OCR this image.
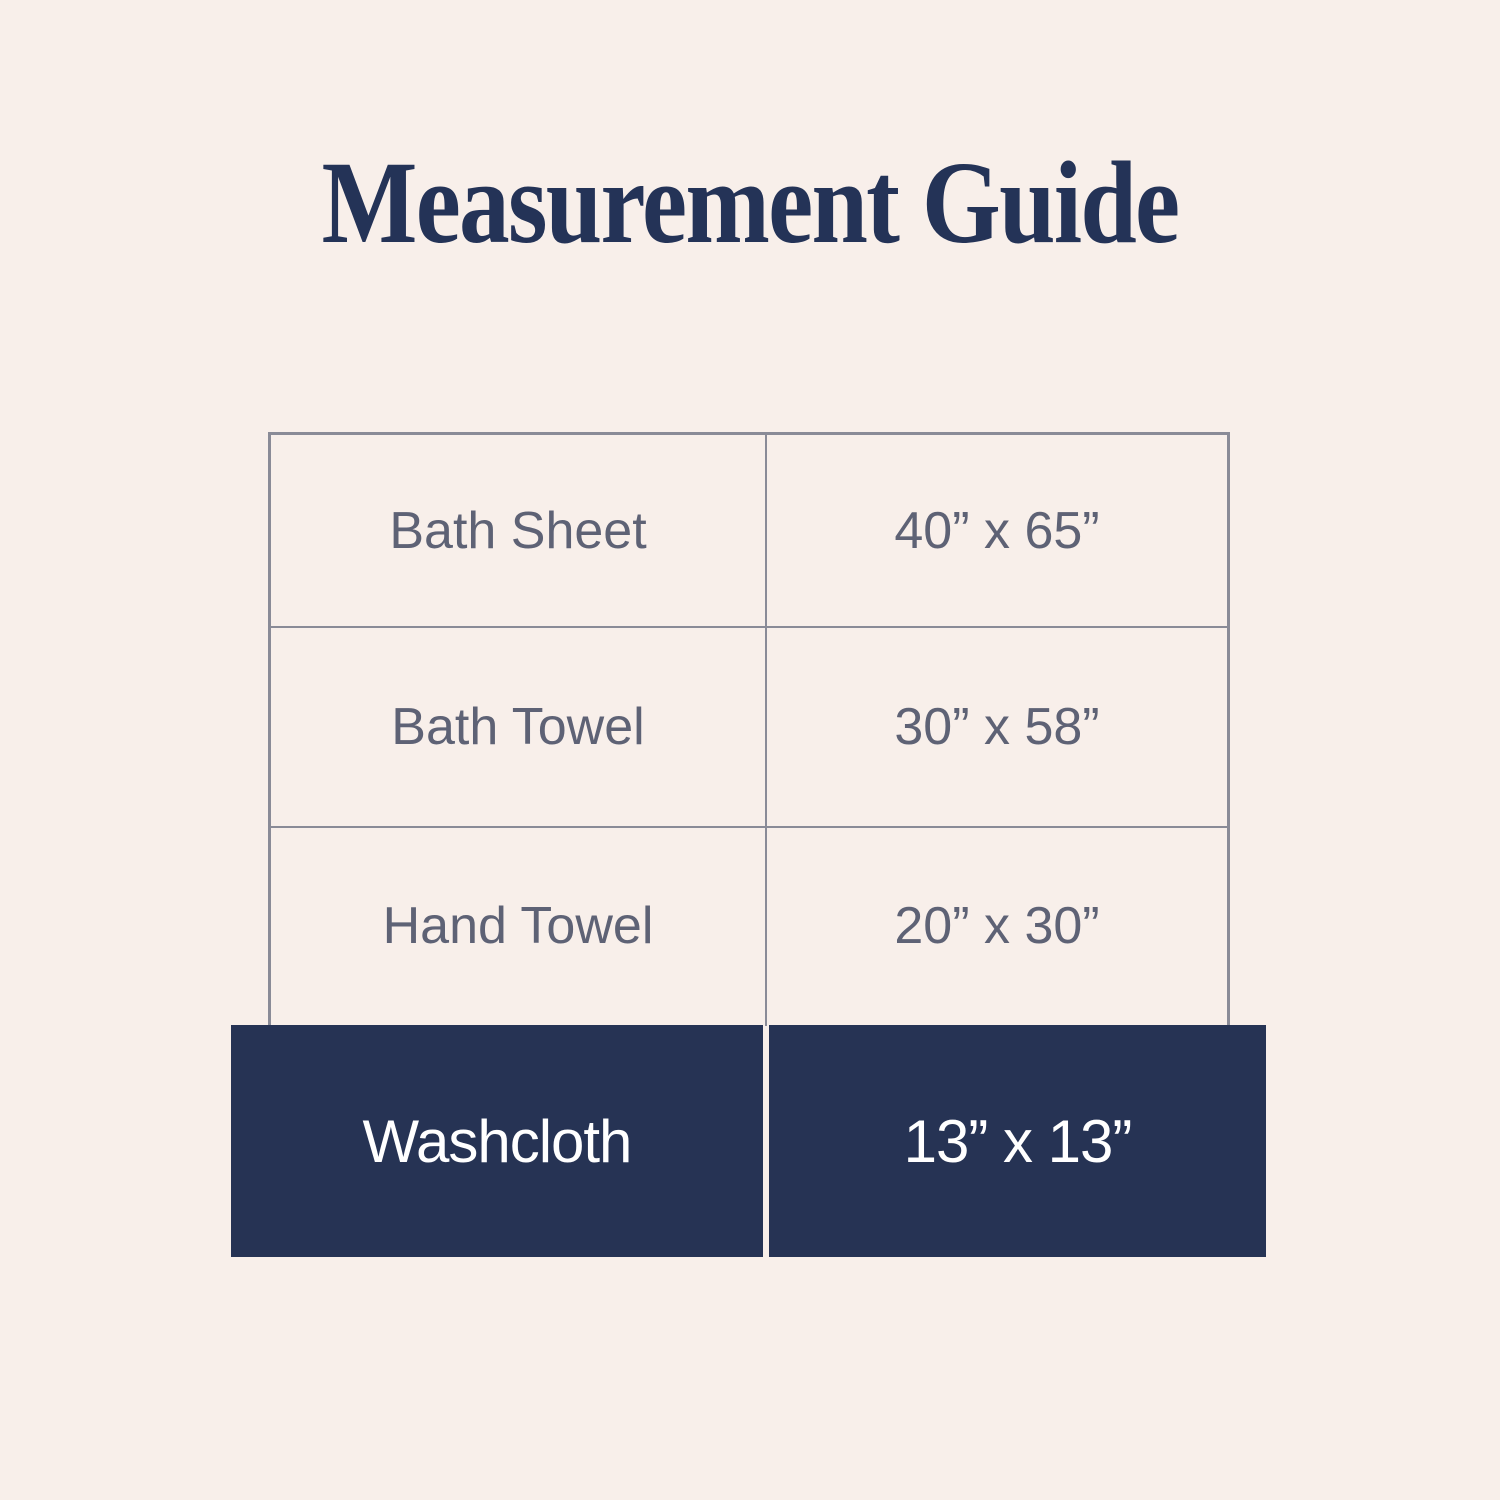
Measurement Guide
Bath Sheet	40” x 65”
Bath Towel	30” x 58”
Hand Towel	20” x 30”
Washcloth	13” x 13”
